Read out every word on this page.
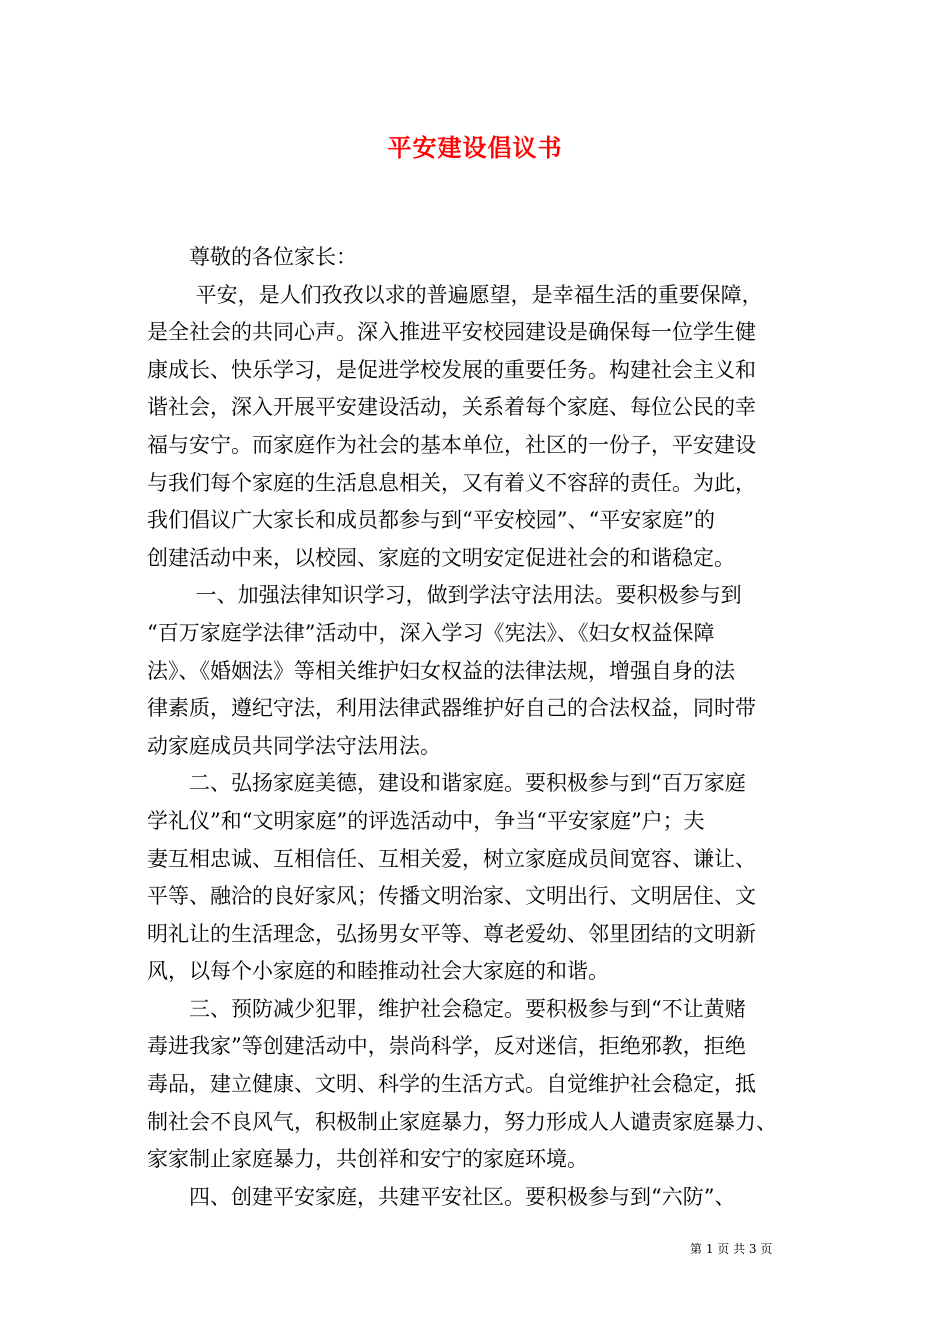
平安建设倡议书
　　尊敬的各位家长：
　　 平安，是人们孜孜以求的普遍愿望，是幸福生活的重要保障，
是全社会的共同心声。深入推进平安校园建设是确保每一位学生健
康成长、快乐学习，是促进学校发展的重要任务。构建社会主义和
谐社会，深入开展平安建设活动，关系着每个家庭、每位公民的幸
福与安宁。而家庭作为社会的基本单位，社区的一份子，平安建设
与我们每个家庭的生活息息相关，又有着义不容辞的责任。为此，
我们倡议广大家长和成员都参与到“平安校园”、“平安家庭”的
创建活动中来，以校园、家庭的文明安定促进社会的和谐稳定。
　　 一、加强法律知识学习，做到学法守法用法。要积极参与到
“百万家庭学法律”活动中，深入学习《宪法》、《妇女权益保障
法》、《婚姻法》等相关维护妇女权益的法律法规，增强自身的法
律素质，遵纪守法，利用法律武器维护好自己的合法权益，同时带
动家庭成员共同学法守法用法。
　　二、弘扬家庭美德，建设和谐家庭。要积极参与到“百万家庭
学礼仪”和“文明家庭”的评选活动中，争当“平安家庭”户；夫
妻互相忠诚、互相信任、互相关爱，树立家庭成员间宽容、谦让、
平等、融洽的良好家风；传播文明治家、文明出行、文明居住、文
明礼让的生活理念，弘扬男女平等、尊老爱幼、邻里团结的文明新
风，以每个小家庭的和睦推动社会大家庭的和谐。
　　三、预防减少犯罪，维护社会稳定。要积极参与到“不让黄赌
毒进我家”等创建活动中，崇尚科学，反对迷信，拒绝邪教，拒绝
毒品，建立健康、文明、科学的生活方式。自觉维护社会稳定，抵
制社会不良风气，积极制止家庭暴力，努力形成人人谴责家庭暴力、
家家制止家庭暴力，共创祥和安宁的家庭环境。
　　四、创建平安家庭，共建平安社区。要积极参与到“六防”、
第 1 页 共 3 页
